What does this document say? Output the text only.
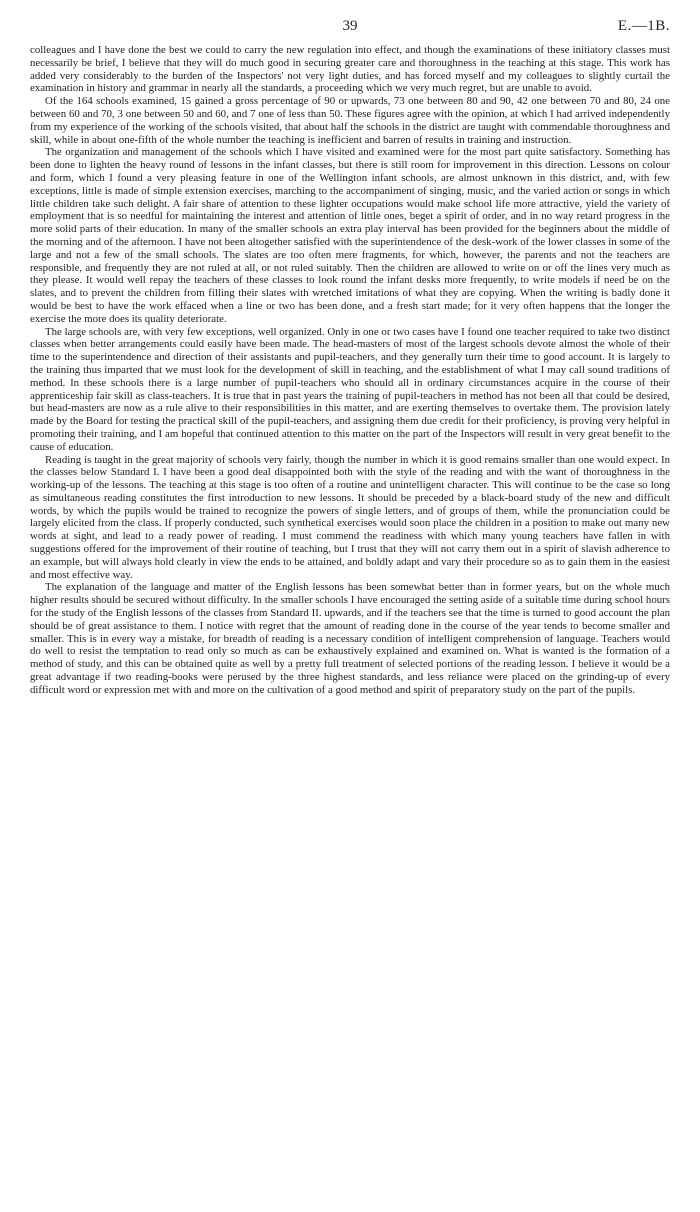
39	E.—1B.

colleagues and I have done the best we could to carry the new regulation into effect, and though the examinations of these initiatory classes must necessarily be brief, I believe that they will do much good in securing greater care and thoroughness in the teaching at this stage. This work has added very considerably to the burden of the Inspectors' not very light duties, and has forced myself and my colleagues to slightly curtail the examination in history and grammar in nearly all the standards, a proceeding which we very much regret, but are unable to avoid.

Of the 164 schools examined, 15 gained a gross percentage of 90 or upwards, 73 one between 80 and 90, 42 one between 70 and 80, 24 one between 60 and 70, 3 one between 50 and 60, and 7 one of less than 50. These figures agree with the opinion, at which I had arrived independently from my experience of the working of the schools visited, that about half the schools in the district are taught with commendable thoroughness and skill, while in about one-fifth of the whole number the teaching is inefficient and barren of results in training and instruction.

The organization and management of the schools which I have visited and examined were for the most part quite satisfactory. Something has been done to lighten the heavy round of lessons in the infant classes, but there is still room for improvement in this direction. Lessons on colour and form, which I found a very pleasing feature in one of the Wellington infant schools, are almost unknown in this district, and, with few exceptions, little is made of simple extension exercises, marching to the accompaniment of singing, music, and the varied action or songs in which little children take such delight. A fair share of attention to these lighter occupations would make school life more attractive, yield the variety of employment that is so needful for maintaining the interest and attention of little ones, beget a spirit of order, and in no way retard progress in the more solid parts of their education. In many of the smaller schools an extra play interval has been provided for the beginners about the middle of the morning and of the afternoon. I have not been altogether satisfied with the superintendence of the desk-work of the lower classes in some of the large and not a few of the small schools. The slates are too often mere fragments, for which, however, the parents and not the teachers are responsible, and frequently they are not ruled at all, or not ruled suitably. Then the children are allowed to write on or off the lines very much as they please. It would well repay the teachers of these classes to look round the infant desks more frequently, to write models if need be on the slates, and to prevent the children from filling their slates with wretched imitations of what they are copying. When the writing is badly done it would be best to have the work effaced when a line or two has been done, and a fresh start made; for it very often happens that the longer the exercise the more does its quality deteriorate.

The large schools are, with very few exceptions, well organized. Only in one or two cases have I found one teacher required to take two distinct classes when better arrangements could easily have been made. The head-masters of most of the largest schools devote almost the whole of their time to the superintendence and direction of their assistants and pupil-teachers, and they generally turn their time to good account. It is largely to the training thus imparted that we must look for the development of skill in teaching, and the establishment of what I may call sound traditions of method. In these schools there is a large number of pupil-teachers who should all in ordinary circumstances acquire in the course of their apprenticeship fair skill as class-teachers. It is true that in past years the training of pupil-teachers in method has not been all that could be desired, but head-masters are now as a rule alive to their responsibilities in this matter, and are exerting themselves to overtake them. The provision lately made by the Board for testing the practical skill of the pupil-teachers, and assigning them due credit for their proficiency, is proving very helpful in promoting their training, and I am hopeful that continued attention to this matter on the part of the Inspectors will result in very great benefit to the cause of education.

Reading is taught in the great majority of schools very fairly, though the number in which it is good remains smaller than one would expect. In the classes below Standard I. I have been a good deal disappointed both with the style of the reading and with the want of thoroughness in the working-up of the lessons. The teaching at this stage is too often of a routine and unintelligent character. This will continue to be the case so long as simultaneous reading constitutes the first introduction to new lessons. It should be preceded by a black-board study of the new and difficult words, by which the pupils would be trained to recognize the powers of single letters, and of groups of them, while the pronunciation could be largely elicited from the class. If properly conducted, such synthetical exercises would soon place the children in a position to make out many new words at sight, and lead to a ready power of reading. I must commend the readiness with which many young teachers have fallen in with suggestions offered for the improvement of their routine of teaching, but I trust that they will not carry them out in a spirit of slavish adherence to an example, but will always hold clearly in view the ends to be attained, and boldly adapt and vary their procedure so as to gain them in the easiest and most effective way.

The explanation of the language and matter of the English lessons has been somewhat better than in former years, but on the whole much higher results should be secured without difficulty. In the smaller schools I have encouraged the setting aside of a suitable time during school hours for the study of the English lessons of the classes from Standard II. upwards, and if the teachers see that the time is turned to good account the plan should be of great assistance to them. I notice with regret that the amount of reading done in the course of the year tends to become smaller and smaller. This is in every way a mistake, for breadth of reading is a necessary condition of intelligent comprehension of language. Teachers would do well to resist the temptation to read only so much as can be exhaustively explained and examined on. What is wanted is the formation of a method of study, and this can be obtained quite as well by a pretty full treatment of selected portions of the reading lesson. I believe it would be a great advantage if two reading-books were perused by the three highest standards, and less reliance were placed on the grinding-up of every difficult word or expression met with and more on the cultivation of a good method and spirit of preparatory study on the part of the pupils.
